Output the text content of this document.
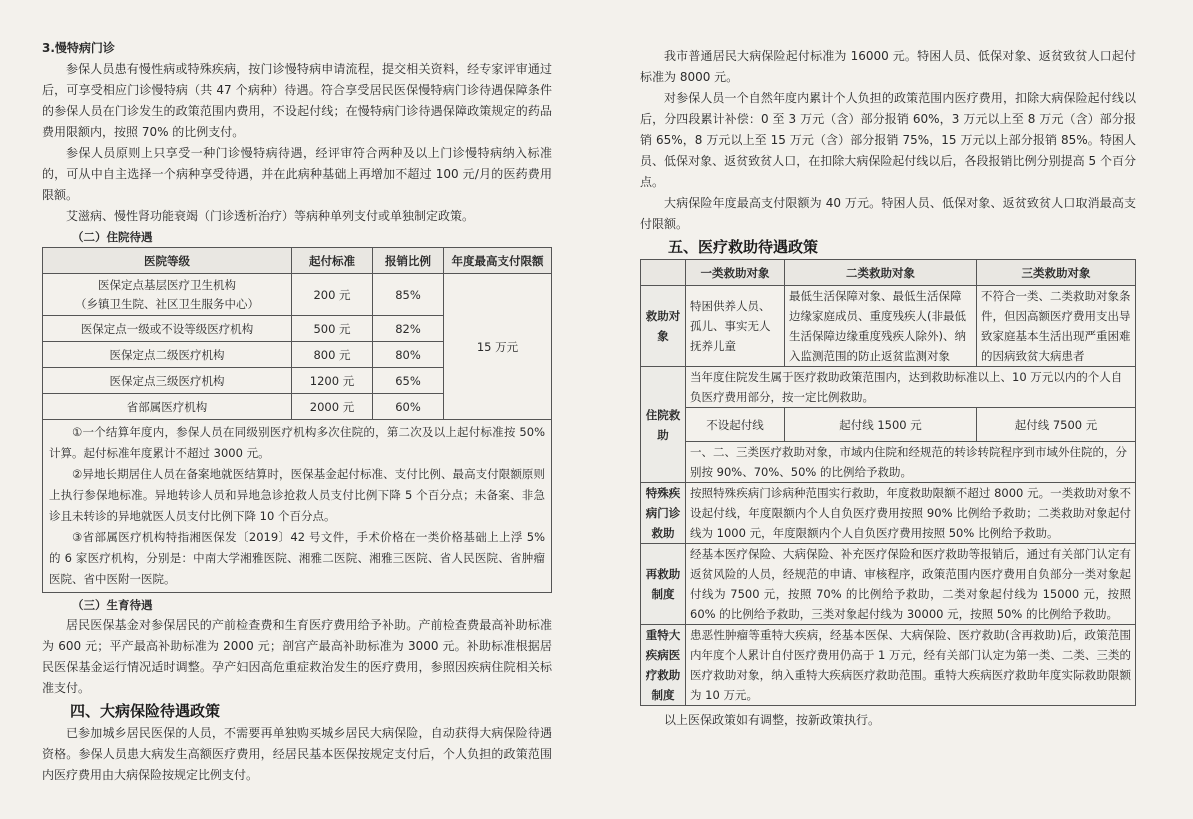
3.慢特病门诊

参保人员患有慢性病或特殊疾病，按门诊慢特病申请流程，提交相关资料，经专家评审通过后，可享受相应门诊慢特病（共 47 个病种）待遇。符合享受居民医保慢特病门诊待遇保障条件的参保人员在门诊发生的政策范围内费用，不设起付线；在慢特病门诊待遇保障政策规定的药品费用限额内，按照 70% 的比例支付。

参保人员原则上只享受一种门诊慢特病待遇，经评审符合两种及以上门诊慢特病纳入标准的，可从中自主选择一个病种享受待遇，并在此病种基础上再增加不超过 100 元/月的医药费用限额。

艾滋病、慢性肾功能衰竭（门诊透析治疗）等病种单列支付或单独制定政策。

（二）住院待遇

医院等级	起付标准	报销比例	年度最高支付限额

医保定点基层医疗卫生机构
（乡镇卫生院、社区卫生服务中心）	200 元	85%	15 万元
医保定点一级或不设等级医疗机构	500 元	82%	
医保定点二级医疗机构	800 元	80%	
医保定点三级医疗机构	1200 元	65%	
省部属医疗机构	2000 元	60%	

①一个结算年度内，参保人员在同级别医疗机构多次住院的，第二次及以上起付标准按 50% 计算。起付标准年度累计不超过 3000 元。

②异地长期居住人员在备案地就医结算时，医保基金起付标准、支付比例、最高支付限额原则上执行参保地标准。异地转诊人员和异地急诊抢救人员支付比例下降 5 个百分点；未备案、非急诊且未转诊的异地就医人员支付比例下降 10 个百分点。

③省部属医疗机构特指湘医保发〔2019〕42 号文件，手术价格在一类价格基础上上浮 5% 的 6 家医疗机构，分别是：中南大学湘雅医院、湘雅二医院、湘雅三医院、省人民医院、省肿瘤医院、省中医附一医院。

（三）生育待遇

居民医保基金对参保居民的产前检查费和生育医疗费用给予补助。产前检查费最高补助标准为 600 元；平产最高补助标准为 2000 元；剖宫产最高补助标准为 3000 元。补助标准根据居民医保基金运行情况适时调整。孕产妇因高危重症救治发生的医疗费用，参照因疾病住院相关标准支付。

四、大病保险待遇政策

已参加城乡居民医保的人员，不需要再单独购买城乡居民大病保险，自动获得大病保险待遇资格。参保人员患大病发生高额医疗费用，经居民基本医保按规定支付后，个人负担的政策范围内医疗费用由大病保险按规定比例支付。

我市普通居民大病保险起付标准为 16000 元。特困人员、低保对象、返贫致贫人口起付标准为 8000 元。

对参保人员一个自然年度内累计个人负担的政策范围内医疗费用，扣除大病保险起付线以后，分四段累计补偿：0 至 3 万元（含）部分报销 60%，3 万元以上至 8 万元（含）部分报销 65%，8 万元以上至 15 万元（含）部分报销 75%，15 万元以上部分报销 85%。特困人员、低保对象、返贫致贫人口，在扣除大病保险起付线以后，各段报销比例分别提高 5 个百分点。

大病保险年度最高支付限额为 40 万元。特困人员、低保对象、返贫致贫人口取消最高支付限额。

五、医疗救助待遇政策

	一类救助对象	二类救助对象	三类救助对象
救助对象	特困供养人员、孤儿、事实无人抚养儿童	最低生活保障对象、最低生活保障边缘家庭成员、重度残疾人(非最低生活保障边缘重度残疾人除外)、纳入监测范围的防止返贫监测对象	不符合一类、二类救助对象条件，但因高额医疗费用支出导致家庭基本生活出现严重困难的因病致贫大病患者
住院救助	当年度住院发生属于医疗救助政策范围内，达到救助标准以上、10 万元以内的个人自负医疗费用部分，按一定比例救助。		
	不设起付线	起付线 1500 元	起付线 7500 元
	一、二、三类医疗救助对象，市域内住院和经规范的转诊转院程序到市域外住院的，分别按 90%、70%、50% 的比例给予救助。		
特殊疾病门诊救助	按照特殊疾病门诊病种范围实行救助，年度救助限额不超过 8000 元。一类救助对象不设起付线，年度限额内个人自负医疗费用按照 90% 比例给予救助；二类救助对象起付线为 1000 元，年度限额内个人自负医疗费用按照 50% 比例给予救助。		
再救助制度	经基本医疗保险、大病保险、补充医疗保险和医疗救助等报销后，通过有关部门认定有返贫风险的人员，经规范的申请、审核程序，政策范围内医疗费用自负部分一类对象起付线为 7500 元，按照 70% 的比例给予救助，二类对象起付线为 15000 元，按照 60% 的比例给予救助，三类对象起付线为 30000 元，按照 50% 的比例给予救助。		
重特大疾病医疗救助制度	患恶性肿瘤等重特大疾病，经基本医保、大病保险、医疗救助(含再救助)后，政策范围内年度个人累计自付医疗费用仍高于 1 万元，经有关部门认定为第一类、二类、三类的医疗救助对象，纳入重特大疾病医疗救助范围。重特大疾病医疗救助年度实际救助限额为 10 万元。		

以上医保政策如有调整，按新政策执行。
